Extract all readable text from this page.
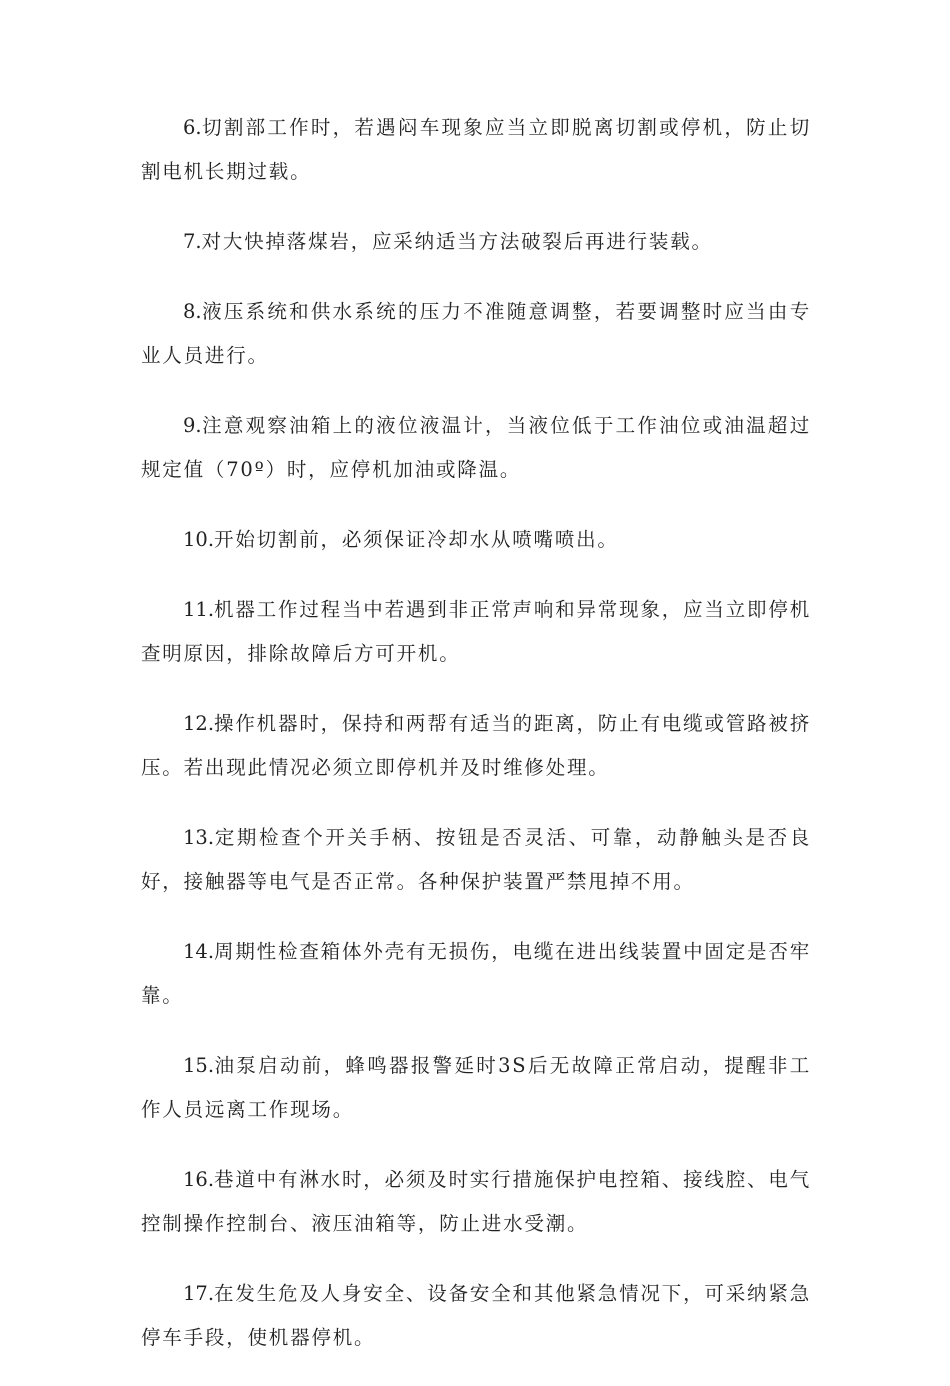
6.切割部工作时，若遇闷车现象应当立即脱离切割或停机，防止切割电机长期过载。

7.对大快掉落煤岩，应采纳适当方法破裂后再进行装载。

8.液压系统和供水系统的压力不准随意调整，若要调整时应当由专业人员进行。

9.注意观察油箱上的液位液温计，当液位低于工作油位或油温超过规定值（70º）时，应停机加油或降温。

10.开始切割前，必须保证冷却水从喷嘴喷出。

11.机器工作过程当中若遇到非正常声响和异常现象，应当立即停机查明原因，排除故障后方可开机。

12.操作机器时，保持和两帮有适当的距离，防止有电缆或管路被挤压。若出现此情况必须立即停机并及时维修处理。

13.定期检查个开关手柄、按钮是否灵活、可靠，动静触头是否良好，接触器等电气是否正常。各种保护装置严禁甩掉不用。

14.周期性检查箱体外壳有无损伤，电缆在进出线装置中固定是否牢靠。

15.油泵启动前，蜂鸣器报警延时3S后无故障正常启动，提醒非工作人员远离工作现场。

16.巷道中有淋水时，必须及时实行措施保护电控箱、接线腔、电气控制操作控制台、液压油箱等，防止进水受潮。

17.在发生危及人身安全、设备安全和其他紧急情况下，可采纳紧急停车手段，使机器停机。
